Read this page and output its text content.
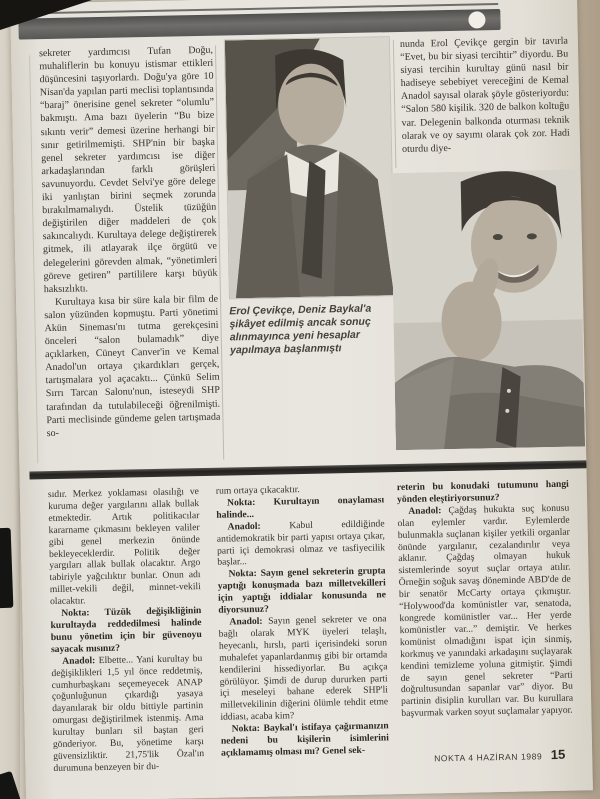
sekreter yardımcısı Tufan Doğu, muhaliflerin bu konuyu istismar ettikleri düşüncesini taşıyorlardı. Doğu'ya göre 10 Nisan'da yapılan parti meclisi toplantısında “baraj” önerisine genel sekreter “olumlu” bakmıştı. Ama bazı üyelerin “Bu bize sıkıntı verir” demesi üzerine herhangi bir sınır getirilmemişti. SHP'nin bir başka genel sekreter yardımcısı ise diğer arkadaşlarından farklı görüşleri savunuyordu. Cevdet Selvi'ye göre delege iki yanlıştan birini seçmek zorunda bırakılmamalıydı. Üstelik tüzüğün değiştirilen diğer maddeleri de çok sakıncalıydı. Kurultaya delege değiştirerek gitmek, ili atlayarak ilçe örgütü ve delegelerini görevden almak, “yönetimleri göreve getiren” partililere karşı büyük haksızlıktı.

Kurultaya kısa bir süre kala bir film de salon yüzünden kopmuştu. Parti yönetimi Akün Sineması'nı tutma gerekçesini önceleri “salon bulamadık” diye açıklarken, Cüneyt Canver'in ve Kemal Anadol'un ortaya çıkardıkları gerçek, tartışmalara yol açacaktı... Çünkü Selim Sırrı Tarcan Salonu'nun, isteseydi SHP tarafından da tutulabileceği öğrenilmişti. Parti meclisinde gündeme gelen tartışmada so-

Erol Çevikçe, Deniz Baykal'a şikâyet edilmiş ancak sonuç alınmayınca yeni hesaplar yapılmaya başlanmıştı

nunda Erol Çevikçe gergin bir tavırla “Evet, bu bir siyasi tercihtir” diyordu. Bu siyasi tercihin kurultay günü nasıl bir hadiseye sebebiyet vereceğini de Kemal Anadol sayısal olarak şöyle gösteriyordu: “Salon 580 kişilik. 320 de balkon koltuğu var. Delegenin balkonda oturması teknik olarak ve oy sayımı olarak çok zor. Hadi oturdu diye-

sıdır. Merkez yoklaması olasılığı ve kuruma değer yargılarını allak bullak etmektedir. Artık politikacılar kararname çıkmasını bekleyen valiler gibi genel merkezin önünde bekleyeceklerdir. Politik değer yargıları allak bullak olacaktır. Argo tabiriyle yağcılıktır bunlar. Onun adı millet-vekili değil, minnet-vekili olacaktır.

Nokta: Tüzük değişikliğinin kurultayda reddedilmesi halinde bunu yönetim için bir güvenoyu sayacak mısınız?

Anadol: Elbette... Yani kurultay bu değişiklikleri 1,5 yıl önce reddetmiş, cumhurbaşkanı seçemeyecek ANAP çoğunluğunun çıkardığı yasaya dayanılarak bir oldu bittiyle partinin omurgası değiştirilmek istenmiş. Ama kurultay bunları sil baştan geri gönderiyor. Bu, yönetime karşı güvensizliktir. 21,75'lik Özal'ın durumuna benzeyen bir du-

rum ortaya çıkacaktır.

Nokta: Kurultayın onaylaması halinde...

Anadol: Kabul edildiğinde antidemokratik bir parti yapısı ortaya çıkar, parti içi demokrasi olmaz ve tasfiyecilik başlar...

Nokta: Sayın genel sekreterin grupta yaptığı konuşmada bazı milletvekilleri için yaptığı iddialar konusunda ne diyorsunuz?

Anadol: Sayın genel sekreter ve ona bağlı olarak MYK üyeleri telaşlı, heyecanlı, hırslı, parti içerisindeki sorun muhalefet yapanlardanmış gibi bir ortamda kendilerini hissediyorlar. Bu açıkça görülüyor. Şimdi de durup dururken parti içi meseleyi bahane ederek SHP'li milletvekilinin diğerini ölümle tehdit etme iddiası, acaba kim?

Nokta: Baykal'ı istifaya çağırmanızın nedeni bu kişilerin isimlerini açıklamamış olması mı? Genel sek-

reterin bu konudaki tutumunu hangi yönden eleştiriyorsunuz?

Anadol: Çağdaş hukukta suç konusu olan eylemler vardır. Eylemlerde bulunmakla suçlanan kişiler yetkili organlar önünde yargılanır, cezalandırılır veya aklanır. Çağdaş olmayan hukuk sistemlerinde soyut suçlar ortaya atılır. Örneğin soğuk savaş döneminde ABD'de de bir senatör McCarty ortaya çıkmıştır. “Holywood'da komünistler var, senatoda, kongrede komünistler var... Her yerde komünistler var...” demiştir. Ve herkes komünist olmadığını ispat için sinmiş, korkmuş ve yanındaki arkadaşını suçlayarak kendini temizleme yoluna gitmiştir. Şimdi de sayın genel sekreter “Parti doğrultusundan sapanlar var” diyor. Bu partinin disiplin kurulları var. Bu kurullara başvurmak varken soyut suçlamalar yapıyor.

NOKTA 4 HAZİRAN 1989 15
